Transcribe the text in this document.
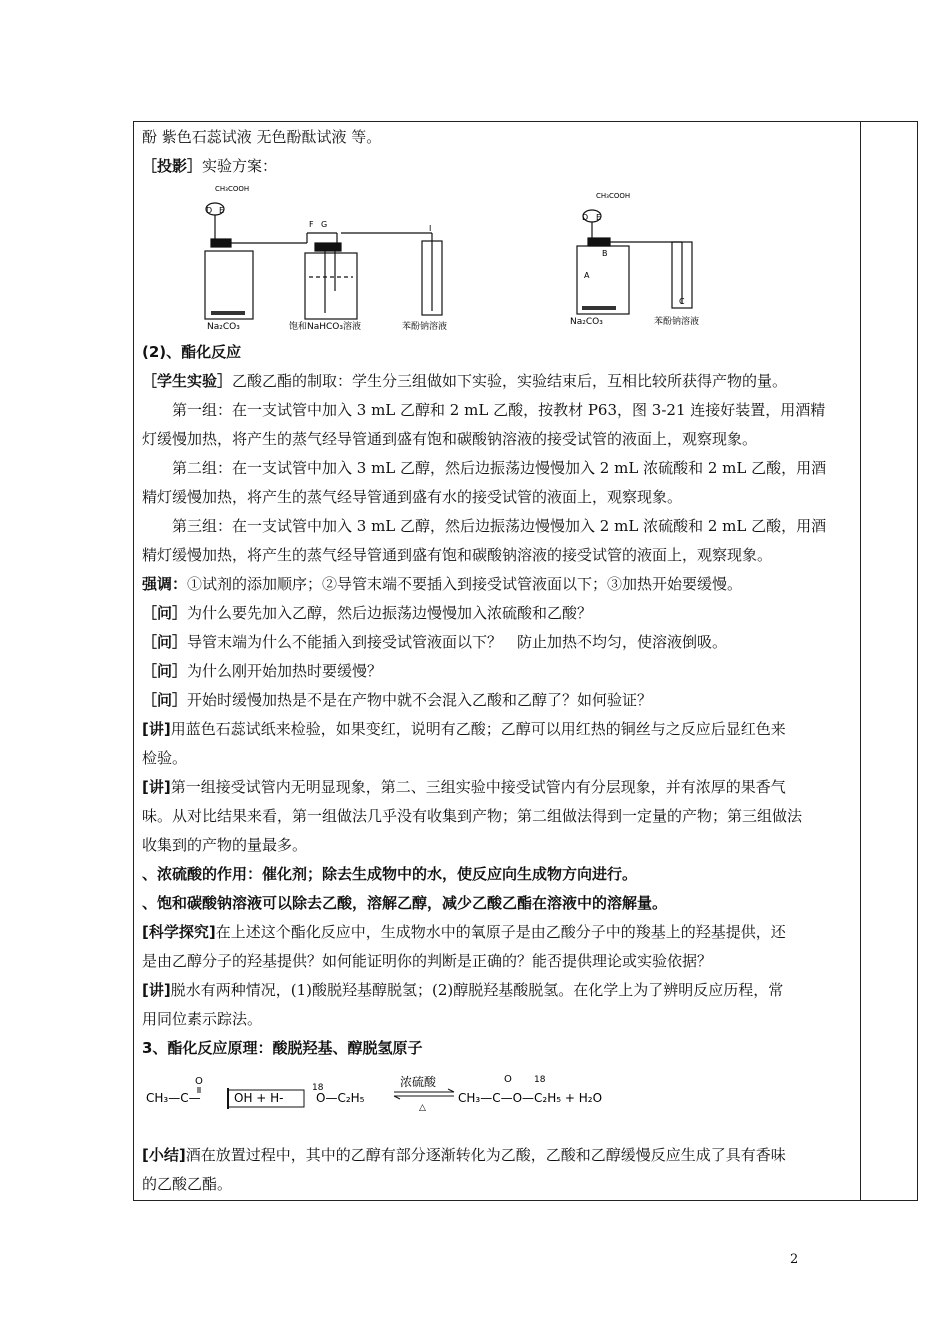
酚 紫色石蕊试液 无色酚酞试液 等。
［投影］实验方案：
CH₃COOH
D E
F G	I
Na₂CO₃	饱和NaHCO₃溶液	苯酚钠溶液
CH₃COOH
D E
B
A
C
Na₂CO₃	苯酚钠溶液
(2)、酯化反应
［学生实验］乙酸乙酯的制取：学生分三组做如下实验，实验结束后，互相比较所获得产物的量。
第一组：在一支试管中加入 3 mL 乙醇和 2 mL 乙酸，按教材 P63，图 3-21 连接好装置，用酒精
灯缓慢加热，将产生的蒸气经导管通到盛有饱和碳酸钠溶液的接受试管的液面上，观察现象。
第二组：在一支试管中加入 3 mL 乙醇，然后边振荡边慢慢加入 2 mL 浓硫酸和 2 mL 乙酸，用酒
精灯缓慢加热，将产生的蒸气经导管通到盛有水的接受试管的液面上，观察现象。
第三组：在一支试管中加入 3 mL 乙醇，然后边振荡边慢慢加入 2 mL 浓硫酸和 2 mL 乙酸，用酒
精灯缓慢加热，将产生的蒸气经导管通到盛有饱和碳酸钠溶液的接受试管的液面上，观察现象。
强调：①试剂的添加顺序；②导管末端不要插入到接受试管液面以下；③加热开始要缓慢。
［问］为什么要先加入乙醇，然后边振荡边慢慢加入浓硫酸和乙酸？
［问］导管末端为什么不能插入到接受试管液面以下？　防止加热不均匀，使溶液倒吸。
［问］为什么刚开始加热时要缓慢？
［问］开始时缓慢加热是不是在产物中就不会混入乙酸和乙醇了？如何验证？
[讲]用蓝色石蕊试纸来检验，如果变红，说明有乙酸；乙醇可以用红热的铜丝与之反应后显红色来
检验。
[讲]第一组接受试管内无明显现象，第二、三组实验中接受试管内有分层现象，并有浓厚的果香气
味。从对比结果来看，第一组做法几乎没有收集到产物；第二组做法得到一定量的产物；第三组做法
收集到的产物的量最多。
、浓硫酸的作用：催化剂；除去生成物中的水，使反应向生成物方向进行。
、饱和碳酸钠溶液可以除去乙酸，溶解乙醇，减少乙酸乙酯在溶液中的溶解量。
[科学探究]在上述这个酯化反应中，生成物水中的氧原子是由乙酸分子中的羧基上的羟基提供，还
是由乙醇分子的羟基提供？如何能证明你的判断是正确的？能否提供理论或实验依据？
[讲]脱水有两种情况，(1)酸脱羟基醇脱氢；(2)醇脱羟基酸脱氢。在化学上为了辨明反应历程，常
用同位素示踪法。
3、酯化反应原理：酸脱羟基、醇脱氢原子
CH₃—C—
O
OH + H-
18
O—C₂H₅
浓硫酸
△
O 18
CH₃—C—O—C₂H₅ + H₂O
[小结]酒在放置过程中，其中的乙醇有部分逐渐转化为乙酸，乙酸和乙醇缓慢反应生成了具有香味
的乙酸乙酯。
2
